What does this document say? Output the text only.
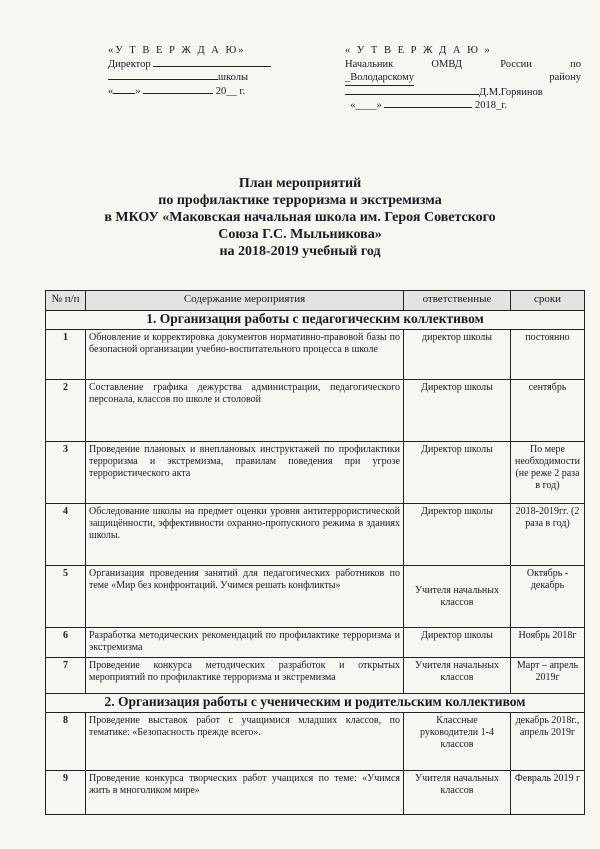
«У Т В Е Р Ж Д А Ю»
Директор
школы
« »	20__ г.
« У Т В Е Р Ж Д А Ю »
Начальник	ОМВД	России	по
_Володарскому	району
Д.М.Горяинов
«____»	2018_г.
План мероприятий
по профилактике терроризма и экстремизма
в МКОУ «Маковская начальная школа им. Героя Советского
Союза Г.С. Мыльникова»
на 2018-2019 учебный год
№ п/п	Содержание мероприятия	ответственные	сроки
1. Организация работы с педагогическим коллективом			
1	Обновление и корректировка документов нормативно-правовой базы по безопасной организации учебно-воспитательного процесса в школе	директор школы	постоянно
2	Составление графика дежурства администрации, педагогического персонала, классов по школе и столовой	Директор школы	сентябрь
3	Проведение плановых и внеплановых инструктажей по профилактики терроризма и экстремизма, правилам поведения при угрозе террористического акта	Директор школы	По мере необходимости (не реже 2 раза в год)
4	Обследование школы на предмет оценки уровня антитеррористической защищённости, эффективности охранно-пропускного режима в зданиях школы.	Директор школы	2018-2019гг. (2 раза в год)
5	Организация проведения занятий для педагогических работников по теме «Мир без конфронтаций. Учимся решать конфликты»	Учителя начальных классов	Октябрь - декабрь
6	Разработка методических рекомендаций по профилактике терроризма и экстремизма	Директор школы	Ноябрь 2018г
7	Проведение конкурса методических разработок и открытых мероприятий по профилактике терроризма и экстремизма	Учителя начальных классов	Март – апрель 2019г
2. Организация работы с ученическим и родительским коллективом			
8	Проведение выставок работ с учащимися младших классов, по тематике: «Безопасность прежде всего».	Классные руководители 1-4 классов	декабрь 2018г., апрель 2019г
9	Проведение конкурса творческих работ учащихся по теме: «Учимся жить в многоликом мире»	Учителя начальных классов	Февраль 2019 г
